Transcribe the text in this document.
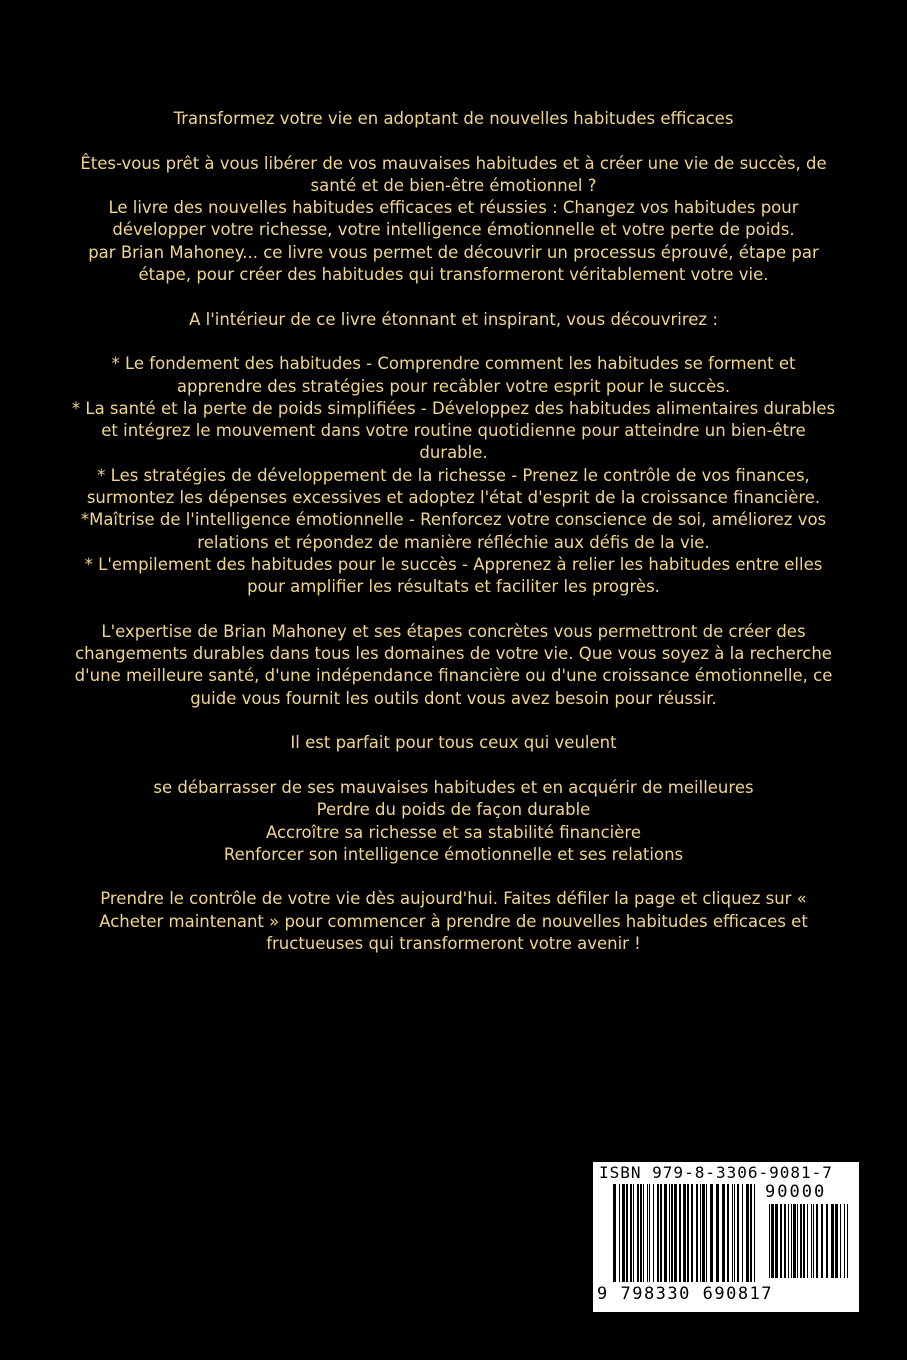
Transformez votre vie en adoptant de nouvelles habitudes efficaces

Êtes-vous prêt à vous libérer de vos mauvaises habitudes et à créer une vie de succès, de

santé et de bien-être émotionnel ?

Le livre des nouvelles habitudes efficaces et réussies : Changez vos habitudes pour

développer votre richesse, votre intelligence émotionnelle et votre perte de poids.

par Brian Mahoney... ce livre vous permet de découvrir un processus éprouvé, étape par

étape, pour créer des habitudes qui transformeront véritablement votre vie.

A l'intérieur de ce livre étonnant et inspirant, vous découvrirez :

* Le fondement des habitudes - Comprendre comment les habitudes se forment et

apprendre des stratégies pour recâbler votre esprit pour le succès.

* La santé et la perte de poids simplifiées - Développez des habitudes alimentaires durables

et intégrez le mouvement dans votre routine quotidienne pour atteindre un bien-être

durable.

* Les stratégies de développement de la richesse - Prenez le contrôle de vos finances,

surmontez les dépenses excessives et adoptez l'état d'esprit de la croissance financière.

*Maîtrise de l'intelligence émotionnelle - Renforcez votre conscience de soi, améliorez vos

relations et répondez de manière réfléchie aux défis de la vie.

* L'empilement des habitudes pour le succès - Apprenez à relier les habitudes entre elles

pour amplifier les résultats et faciliter les progrès.

L'expertise de Brian Mahoney et ses étapes concrètes vous permettront de créer des

changements durables dans tous les domaines de votre vie. Que vous soyez à la recherche

d'une meilleure santé, d'une indépendance financière ou d'une croissance émotionnelle, ce

guide vous fournit les outils dont vous avez besoin pour réussir.

Il est parfait pour tous ceux qui veulent

se débarrasser de ses mauvaises habitudes et en acquérir de meilleures

Perdre du poids de façon durable

Accroître sa richesse et sa stabilité financière

Renforcer son intelligence émotionnelle et ses relations

Prendre le contrôle de votre vie dès aujourd'hui. Faites défiler la page et cliquez sur «

Acheter maintenant » pour commencer à prendre de nouvelles habitudes efficaces et

fructueuses qui transformeront votre avenir !

ISBN 979-8-3306-9081-7
90000
9 798330 690817
